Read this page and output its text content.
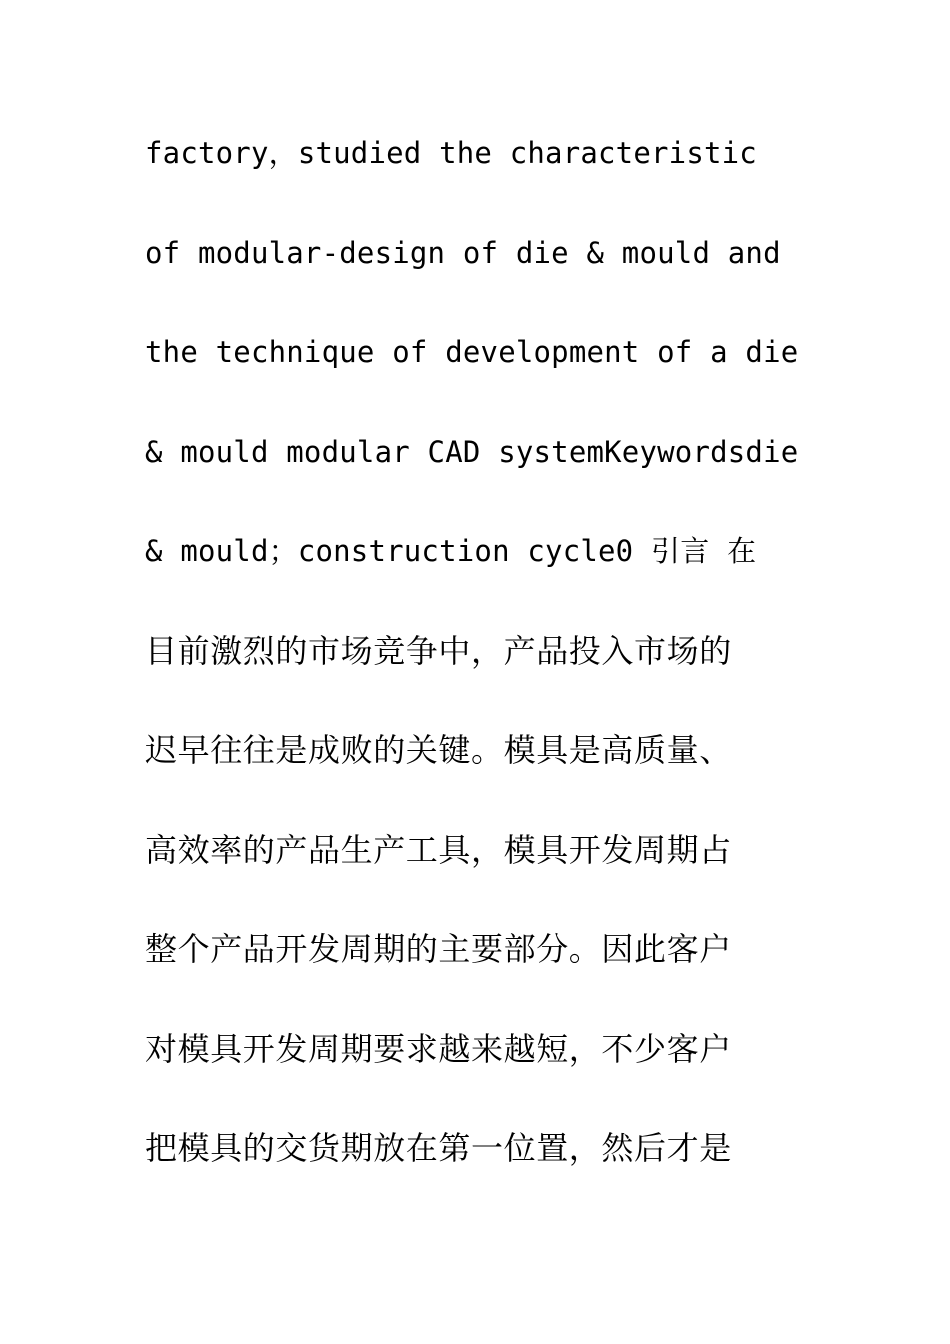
factory，studied the characteristic
of modular-design of die & mould and
the technique of development of a die
& mould modular CAD systemKeywordsdie
& mould；construction cycle0 引言 在
目前激烈的市场竞争中，产品投入市场的
迟早往往是成败的关键。模具是高质量、
高效率的产品生产工具，模具开发周期占
整个产品开发周期的主要部分。因此客户
对模具开发周期要求越来越短，不少客户
把模具的交货期放在第一位置，然后才是
